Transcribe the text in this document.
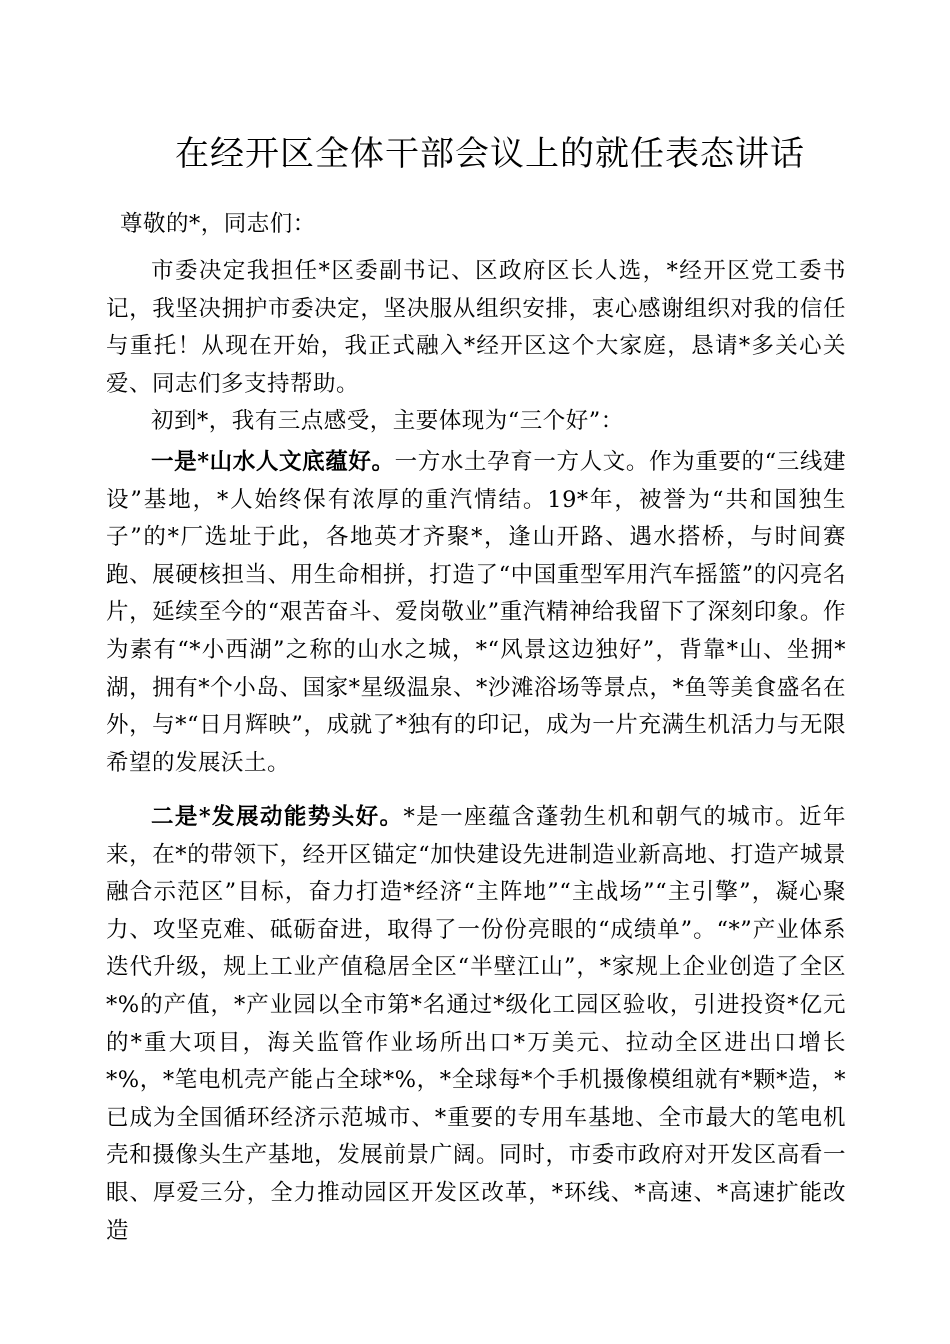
在经开区全体干部会议上的就任表态讲话

尊敬的*，同志们：

市委决定我担任*区委副书记、区政府区长人选，*经开区党工委书记，我坚决拥护市委决定，坚决服从组织安排，衷心感谢组织对我的信任与重托！从现在开始，我正式融入*经开区这个大家庭，恳请*多关心关爱、同志们多支持帮助。

初到*，我有三点感受，主要体现为“三个好”：

一是*山水人文底蕴好。一方水土孕育一方人文。作为重要的“三线建设”基地，*人始终保有浓厚的重汽情结。19*年，被誉为“共和国独生子”的*厂选址于此，各地英才齐聚*，逢山开路、遇水搭桥，与时间赛跑、展硬核担当、用生命相拼，打造了“中国重型军用汽车摇篮”的闪亮名片，延续至今的“艰苦奋斗、爱岗敬业”重汽精神给我留下了深刻印象。作为素有“*小西湖”之称的山水之城，*“风景这边独好”，背靠*山、坐拥*湖，拥有*个小岛、国家*星级温泉、*沙滩浴场等景点，*鱼等美食盛名在外，与*“日月辉映”，成就了*独有的印记，成为一片充满生机活力与无限希望的发展沃土。

二是*发展动能势头好。*是一座蕴含蓬勃生机和朝气的城市。近年来，在*的带领下，经开区锚定“加快建设先进制造业新高地、打造产城景融合示范区”目标，奋力打造*经济“主阵地”“主战场”“主引擎”，凝心聚力、攻坚克难、砥砺奋进，取得了一份份亮眼的“成绩单”。“*”产业体系迭代升级，规上工业产值稳居全区“半壁江山”，*家规上企业创造了全区*%的产值，*产业园以全市第*名通过*级化工园区验收，引进投资*亿元的*重大项目，海关监管作业场所出口*万美元、拉动全区进出口增长*%，*笔电机壳产能占全球*%，*全球每*个手机摄像模组就有*颗*造，*已成为全国循环经济示范城市、*重要的专用车基地、全市最大的笔电机壳和摄像头生产基地，发展前景广阔。同时，市委市政府对开发区高看一眼、厚爱三分，全力推动园区开发区改革，*环线、*高速、*高速扩能改造
